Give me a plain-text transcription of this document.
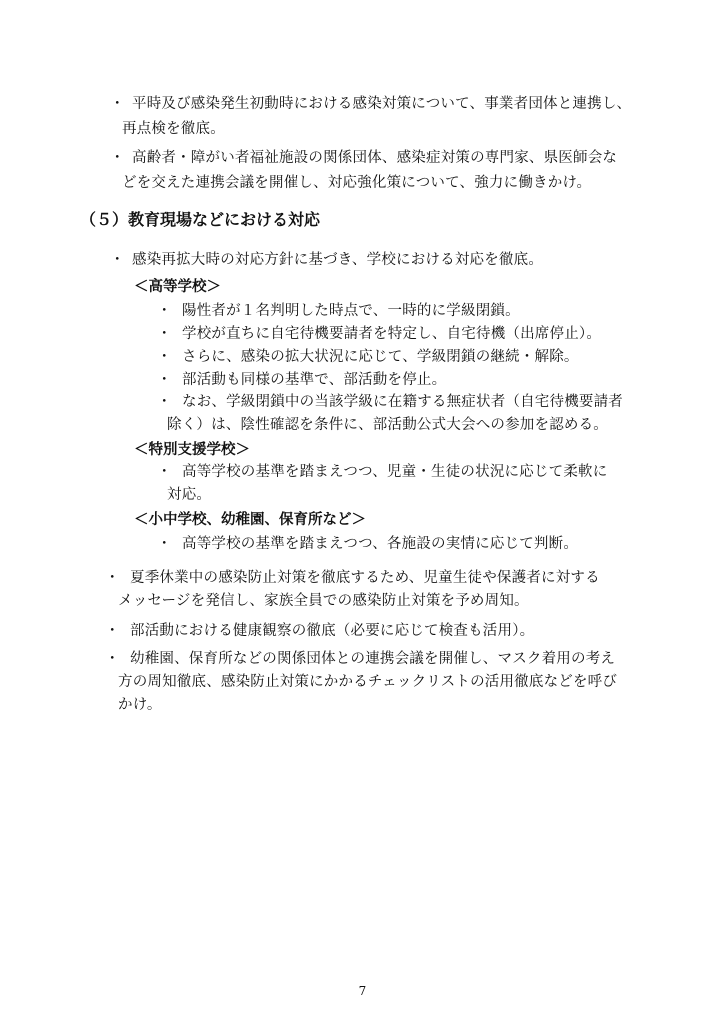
・ 平時及び感染発生初動時における感染対策について、事業者団体と連携し、
再点検を徹底。
・ 高齢者・障がい者福祉施設の関係団体、感染症対策の専門家、県医師会な
どを交えた連携会議を開催し、対応強化策について、強力に働きかけ。
（５）教育現場などにおける対応
・ 感染再拡大時の対応方針に基づき、学校における対応を徹底。
＜高等学校＞
・ 陽性者が１名判明した時点で、一時的に学級閉鎖。
・ 学校が直ちに自宅待機要請者を特定し、自宅待機（出席停止）。
・ さらに、感染の拡大状況に応じて、学級閉鎖の継続・解除。
・ 部活動も同様の基準で、部活動を停止。
・ なお、学級閉鎖中の当該学級に在籍する無症状者（自宅待機要請者
除く）は、陰性確認を条件に、部活動公式大会への参加を認める。
＜特別支援学校＞
・ 高等学校の基準を踏まえつつ、児童・生徒の状況に応じて柔軟に
対応。
＜小中学校、幼稚園、保育所など＞
・ 高等学校の基準を踏まえつつ、各施設の実情に応じて判断。
・ 夏季休業中の感染防止対策を徹底するため、児童生徒や保護者に対する
メッセージを発信し、家族全員での感染防止対策を予め周知。
・ 部活動における健康観察の徹底（必要に応じて検査も活用）。
・ 幼稚園、保育所などの関係団体との連携会議を開催し、マスク着用の考え
方の周知徹底、感染防止対策にかかるチェックリストの活用徹底などを呼び
かけ。
7
